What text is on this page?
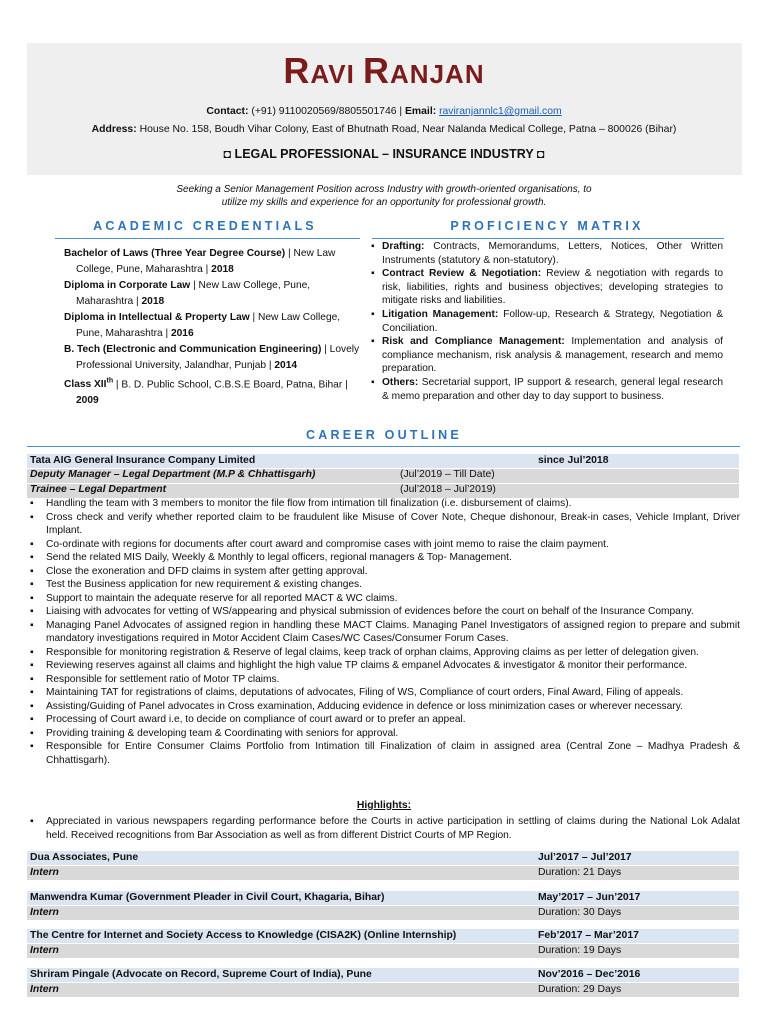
RAVI RANJAN
Contact: (+91) 9110020569/8805501746 | Email: raviranjannlc1@gmail.com
Address: House No. 158, Boudh Vihar Colony, East of Bhutnath Road, Near Nalanda Medical College, Patna – 800026 (Bihar)
◘ LEGAL PROFESSIONAL – INSURANCE INDUSTRY ◘
Seeking a Senior Management Position across Industry with growth-oriented organisations, to utilize my skills and experience for an opportunity for professional growth.
ACADEMIC CREDENTIALS
Bachelor of Laws (Three Year Degree Course) | New Law College, Pune, Maharashtra | 2018
Diploma in Corporate Law | New Law College, Pune, Maharashtra | 2018
Diploma in Intellectual & Property Law | New Law College, Pune, Maharashtra | 2016
B. Tech (Electronic and Communication Engineering) | Lovely Professional University, Jalandhar, Punjab | 2014
Class XIIth | B. D. Public School, C.B.S.E Board, Patna, Bihar | 2009
PROFICIENCY MATRIX
▪ Drafting: Contracts, Memorandums, Letters, Notices, Other Written Instruments (statutory & non-statutory).
▪ Contract Review & Negotiation: Review & negotiation with regards to risk, liabilities, rights and business objectives; developing strategies to mitigate risks and liabilities.
▪ Litigation Management: Follow-up, Research & Strategy, Negotiation & Conciliation.
▪ Risk and Compliance Management: Implementation and analysis of compliance mechanism, risk analysis & management, research and memo preparation.
▪ Others: Secretarial support, IP support & research, general legal research & memo preparation and other day to day support to business.
CAREER OUTLINE
Tata AIG General Insurance Company Limited	since Jul’2018
Deputy Manager – Legal Department (M.P & Chhattisgarh)	(Jul’2019 – Till Date)
Trainee – Legal Department	(Jul’2018 – Jul’2019)
▪ Handling the team with 3 members to monitor the file flow from intimation till finalization (i.e. disbursement of claims).
▪ Cross check and verify whether reported claim to be fraudulent like Misuse of Cover Note, Cheque dishonour, Break-in cases, Vehicle Implant, Driver Implant.
▪ Co-ordinate with regions for documents after court award and compromise cases with joint memo to raise the claim payment.
▪ Send the related MIS Daily, Weekly & Monthly to legal officers, regional managers & Top- Management.
▪ Close the exoneration and DFD claims in system after getting approval.
▪ Test the Business application for new requirement & existing changes.
▪ Support to maintain the adequate reserve for all reported MACT & WC claims.
▪ Liaising with advocates for vetting of WS/appearing and physical submission of evidences before the court on behalf of the Insurance Company.
▪ Managing Panel Advocates of assigned region in handling these MACT Claims. Managing Panel Investigators of assigned region to prepare and submit mandatory investigations required in Motor Accident Claim Cases/WC Cases/Consumer Forum Cases.
▪ Responsible for monitoring registration & Reserve of legal claims, keep track of orphan claims, Approving claims as per letter of delegation given.
▪ Reviewing reserves against all claims and highlight the high value TP claims & empanel Advocates & investigator & monitor their performance.
▪ Responsible for settlement ratio of Motor TP claims.
▪ Maintaining TAT for registrations of claims, deputations of advocates, Filing of WS, Compliance of court orders, Final Award, Filing of appeals.
▪ Assisting/Guiding of Panel advocates in Cross examination, Adducing evidence in defence or loss minimization cases or wherever necessary.
▪ Processing of Court award i.e, to decide on compliance of court award or to prefer an appeal.
▪ Providing training & developing team & Coordinating with seniors for approval.
▪ Responsible for Entire Consumer Claims Portfolio from Intimation till Finalization of claim in assigned area (Central Zone – Madhya Pradesh & Chhattisgarh).
Highlights:
▪ Appreciated in various newspapers regarding performance before the Courts in active participation in settling of claims during the National Lok Adalat held. Received recognitions from Bar Association as well as from different District Courts of MP Region.
Dua Associates, Pune	Jul’2017 – Jul’2017
Intern	Duration: 21 Days
Manwendra Kumar (Government Pleader in Civil Court, Khagaria, Bihar)	May’2017 – Jun’2017
Intern	Duration: 30 Days
The Centre for Internet and Society Access to Knowledge (CISA2K) (Online Internship)	Feb’2017 – Mar’2017
Intern	Duration: 19 Days
Shriram Pingale (Advocate on Record, Supreme Court of India), Pune	Nov’2016 – Dec’2016
Intern	Duration: 29 Days
